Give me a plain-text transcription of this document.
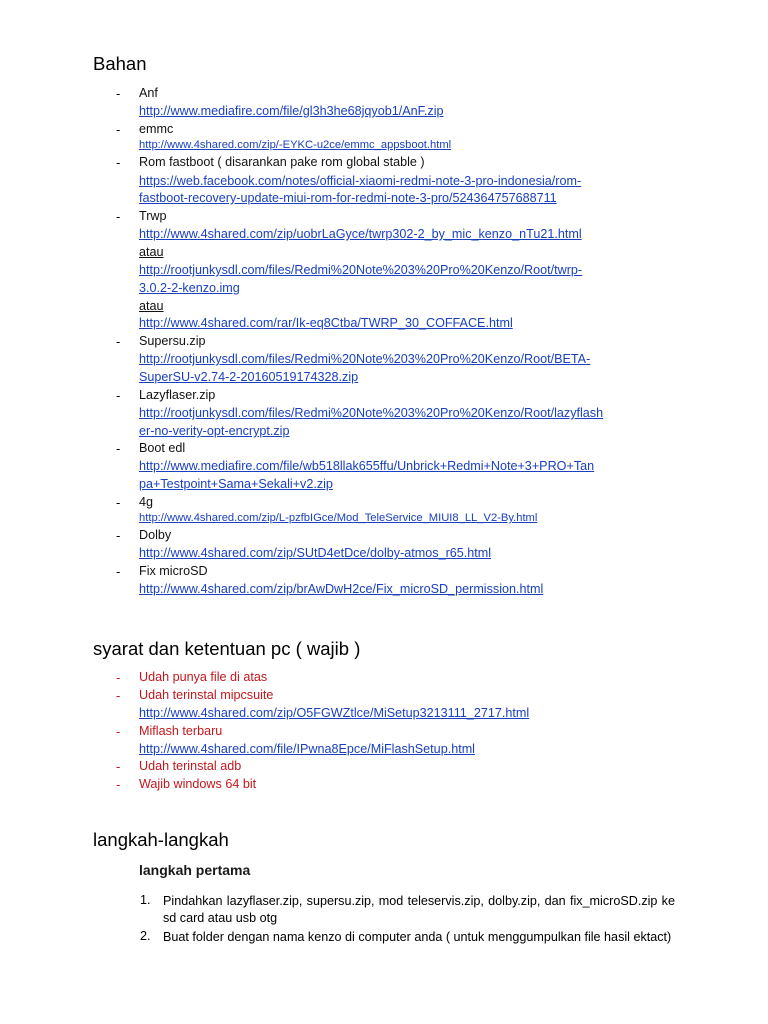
Bahan
- Anf
http://www.mediafire.com/file/gl3h3he68jqyob1/AnF.zip
- emmc
http://www.4shared.com/zip/-EYKC-u2ce/emmc_appsboot.html
- Rom fastboot ( disarankan pake rom global stable )
https://web.facebook.com/notes/official-xiaomi-redmi-note-3-pro-indonesia/rom-
fastboot-recovery-update-miui-rom-for-redmi-note-3-pro/524364757688711
- Trwp
http://www.4shared.com/zip/uobrLaGyce/twrp302-2_by_mic_kenzo_nTu21.html
atau
http://rootjunkysdl.com/files/Redmi%20Note%203%20Pro%20Kenzo/Root/twrp-
3.0.2-2-kenzo.img
atau
http://www.4shared.com/rar/Ik-eq8Ctba/TWRP_30_COFFACE.html
- Supersu.zip
http://rootjunkysdl.com/files/Redmi%20Note%203%20Pro%20Kenzo/Root/BETA-
SuperSU-v2.74-2-20160519174328.zip
- Lazyflaser.zip
http://rootjunkysdl.com/files/Redmi%20Note%203%20Pro%20Kenzo/Root/lazyflash
er-no-verity-opt-encrypt.zip
- Boot edl
http://www.mediafire.com/file/wb518llak655ffu/Unbrick+Redmi+Note+3+PRO+Tan
pa+Testpoint+Sama+Sekali+v2.zip
- 4g
http://www.4shared.com/zip/L-pzfbIGce/Mod_TeleService_MIUI8_LL_V2-By.html
- Dolby
http://www.4shared.com/zip/SUtD4etDce/dolby-atmos_r65.html
- Fix microSD
http://www.4shared.com/zip/brAwDwH2ce/Fix_microSD_permission.html
syarat dan ketentuan pc ( wajib )
- Udah punya file di atas
- Udah terinstal mipcsuite
http://www.4shared.com/zip/O5FGWZtlce/MiSetup3213111_2717.html
- Miflash terbaru
http://www.4shared.com/file/IPwna8Epce/MiFlashSetup.html
- Udah terinstal adb
- Wajib windows 64 bit
langkah-langkah
langkah pertama
1. Pindahkan lazyflaser.zip, supersu.zip, mod teleservis.zip, dolby.zip, dan fix_microSD.zip ke sd card atau usb otg
2. Buat folder dengan nama kenzo di computer anda ( untuk menggumpulkan file hasil ektact)
